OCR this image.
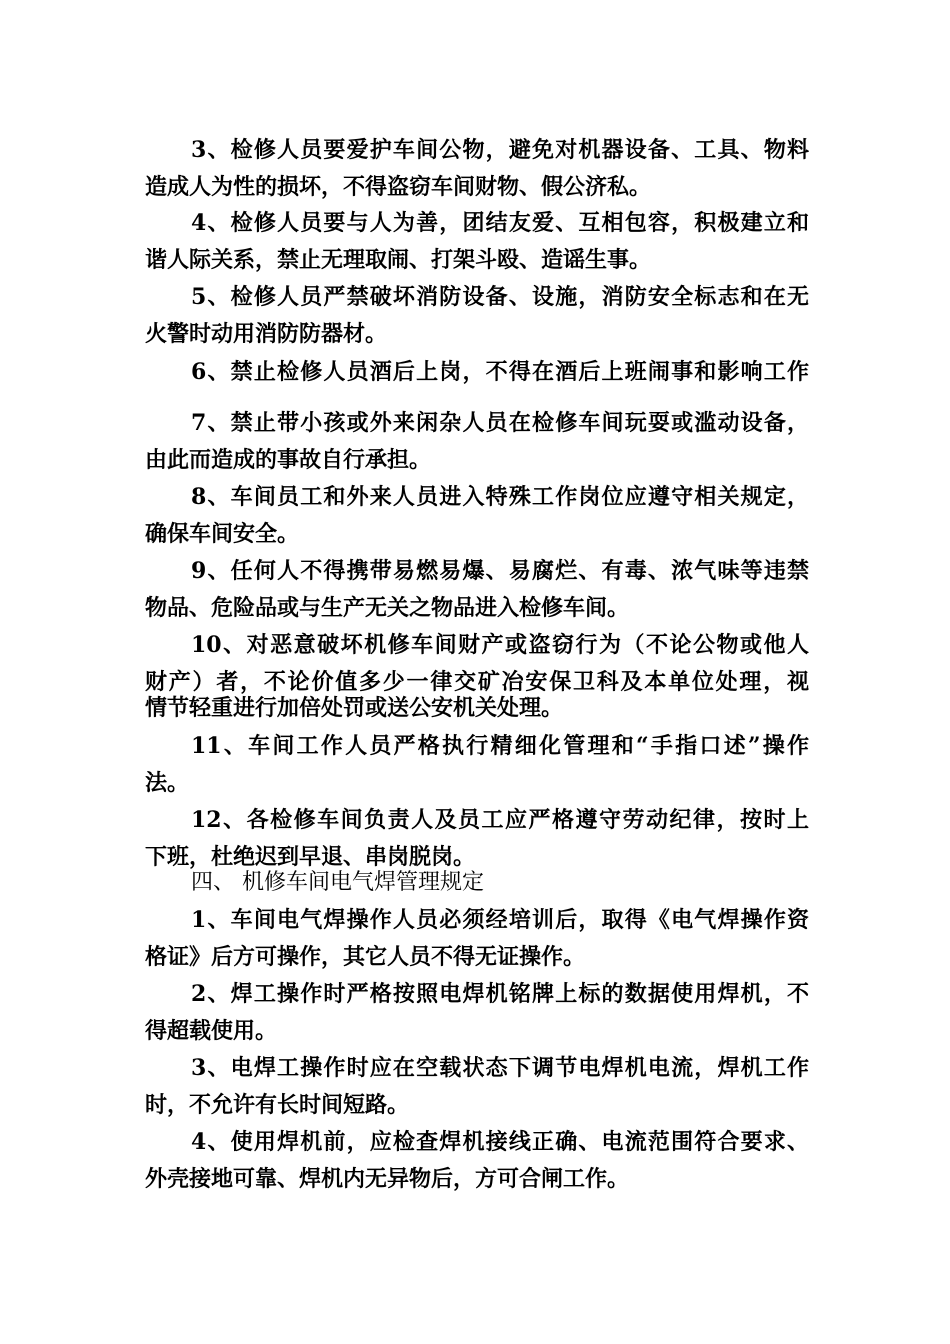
3、检修人员要爱护车间公物，避免对机器设备、工具、物料
造成人为性的损坏，不得盗窃车间财物、假公济私。
4、检修人员要与人为善，团结友爱、互相包容，积极建立和
谐人际关系，禁止无理取闹、打架斗殴、造谣生事。
5、检修人员严禁破坏消防设备、设施，消防安全标志和在无
火警时动用消防防器材。
6、禁止检修人员酒后上岗，不得在酒后上班闹事和影响工作
7、禁止带小孩或外来闲杂人员在检修车间玩耍或滥动设备，
由此而造成的事故自行承担。
8、车间员工和外来人员进入特殊工作岗位应遵守相关规定，
确保车间安全。
9、任何人不得携带易燃易爆、易腐烂、有毒、浓气味等违禁
物品、危险品或与生产无关之物品进入检修车间。
10、对恶意破坏机修车间财产或盗窃行为（不论公物或他人
财产）者，不论价值多少一律交矿冶安保卫科及本单位处理，视
情节轻重进行加倍处罚或送公安机关处理。
11、车间工作人员严格执行精细化管理和“手指口述”操作
法。
12、各检修车间负责人及员工应严格遵守劳动纪律，按时上
下班，杜绝迟到早退、串岗脱岗。
四、 机修车间电气焊管理规定
1、车间电气焊操作人员必须经培训后，取得《电气焊操作资
格证》后方可操作，其它人员不得无证操作。
2、焊工操作时严格按照电焊机铭牌上标的数据使用焊机，不
得超载使用。
3、电焊工操作时应在空载状态下调节电焊机电流，焊机工作
时，不允许有长时间短路。
4、使用焊机前，应检查焊机接线正确、电流范围符合要求、
外壳接地可靠、焊机内无异物后，方可合闸工作。
